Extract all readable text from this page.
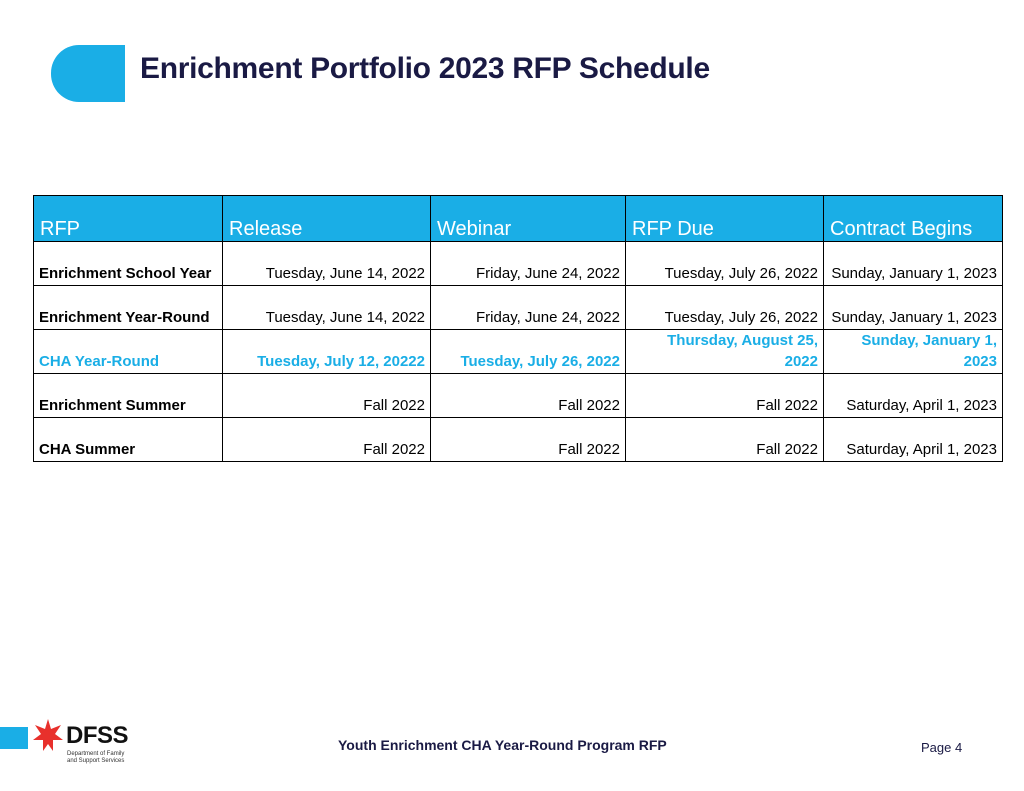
Enrichment Portfolio 2023 RFP Schedule
RFP	Release	Webinar	RFP Due	Contract Begins
Enrichment School Year	Tuesday, June 14, 2022	Friday, June 24, 2022	Tuesday, July 26, 2022	Sunday, January 1, 2023
Enrichment Year-Round	Tuesday, June 14, 2022	Friday, June 24, 2022	Tuesday, July 26, 2022	Sunday, January 1, 2023
CHA Year-Round	Tuesday, July 12, 20222	Tuesday, July 26, 2022	Thursday, August 25, 2022	Sunday, January 1, 2023
Enrichment Summer	Fall 2022	Fall 2022	Fall 2022	Saturday, April 1, 2023
CHA Summer	Fall 2022	Fall 2022	Fall 2022	Saturday, April 1, 2023
DFSS
Department of Family
and Support Services
Youth Enrichment CHA Year-Round Program RFP	Page 4
